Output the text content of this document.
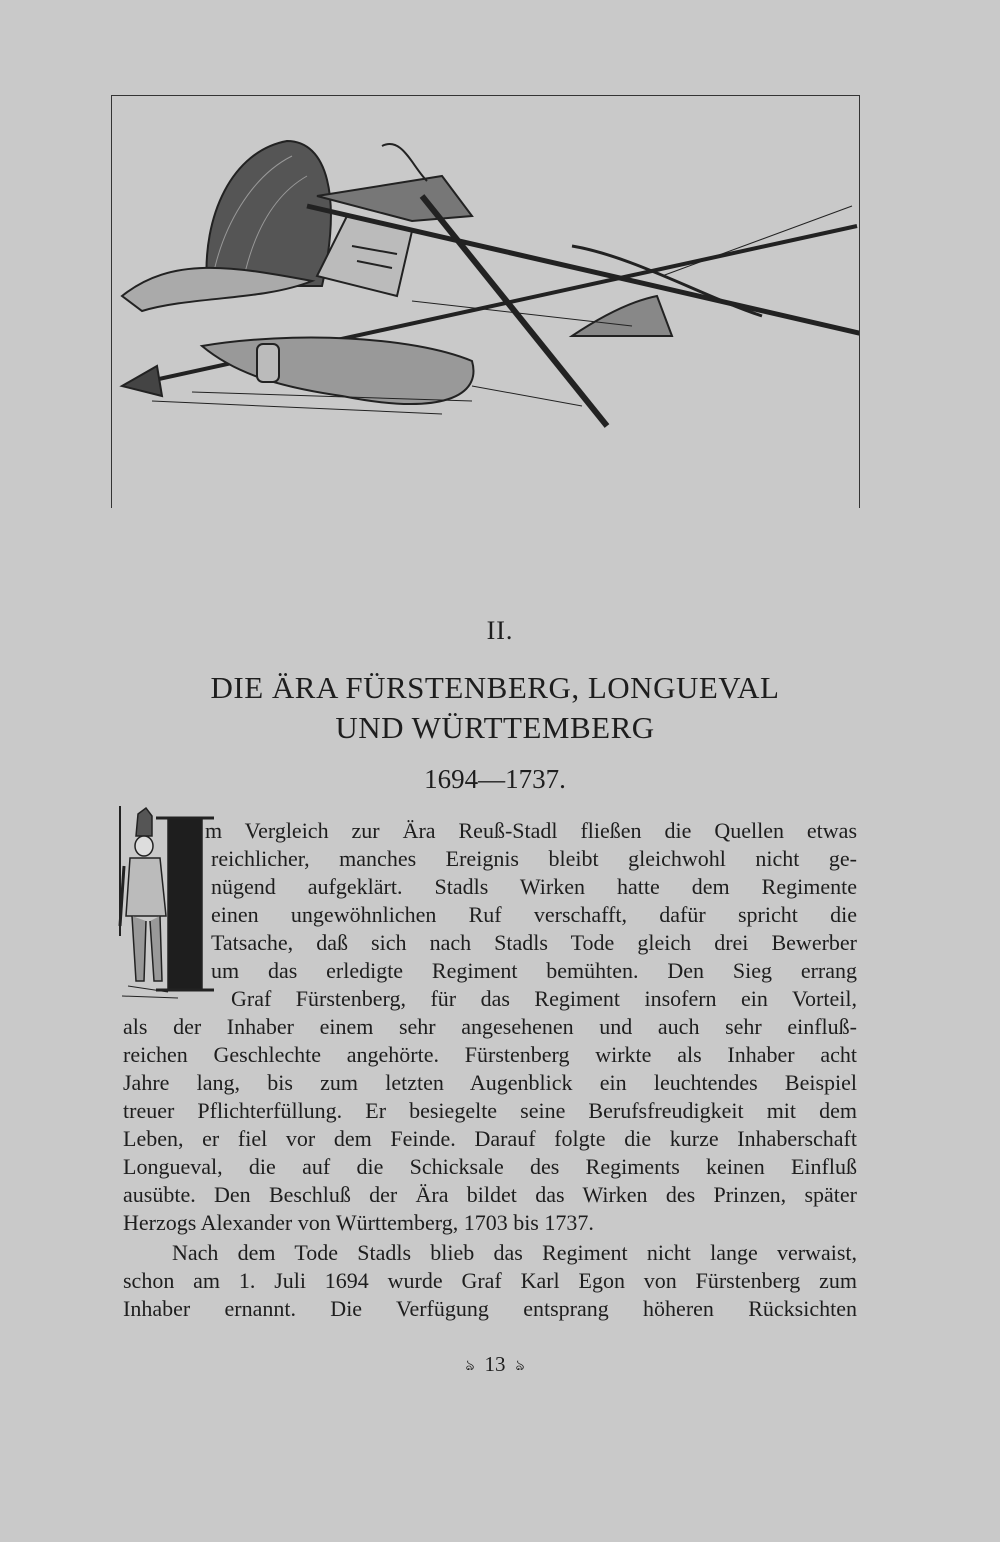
II.
DIE ÄRA FÜRSTENBERG, LONGUEVAL
UND WÜRTTEMBERG
1694—1737.
m Vergleich zur Ära Reuß-Stadl fließen die Quellen etwas
reichlicher, manches Ereignis bleibt gleichwohl nicht ge-
nügend aufgeklärt. Stadls Wirken hatte dem Regimente
einen ungewöhnlichen Ruf verschafft, dafür spricht die
Tatsache, daß sich nach Stadls Tode gleich drei Bewerber
um das erledigte Regiment bemühten. Den Sieg errang
Graf Fürstenberg, für das Regiment insofern ein Vorteil,
als der Inhaber einem sehr angesehenen und auch sehr einfluß-
reichen Geschlechte angehörte. Fürstenberg wirkte als Inhaber acht
Jahre lang, bis zum letzten Augenblick ein leuchtendes Beispiel
treuer Pflichterfüllung. Er besiegelte seine Berufsfreudigkeit mit dem
Leben, er fiel vor dem Feinde. Darauf folgte die kurze Inhaberschaft
Longueval, die auf die Schicksale des Regiments keinen Einfluß
ausübte. Den Beschluß der Ära bildet das Wirken des Prinzen, später
Herzogs Alexander von Württemberg, 1703 bis 1737.
Nach dem Tode Stadls blieb das Regiment nicht lange verwaist,
schon am 1. Juli 1694 wurde Graf Karl Egon von Fürstenberg zum
Inhaber ernannt. Die Verfügung entsprang höheren Rücksichten
ঌ 13 ঌ
